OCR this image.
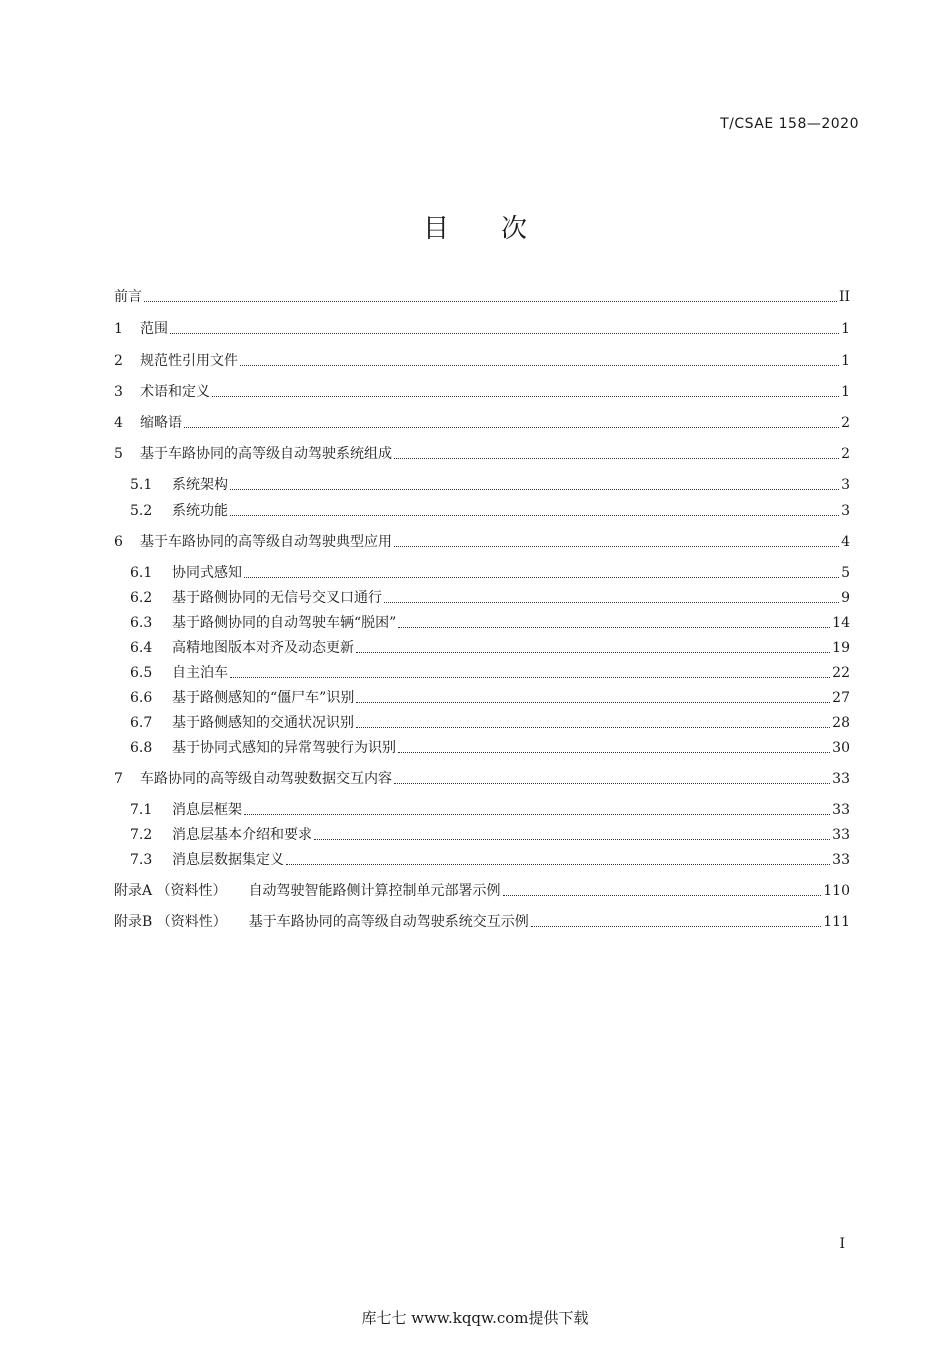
T/CSAE 158—2020
目　　次
前言	II
1	范围	1
2	规范性引用文件	1
3	术语和定义	1
4	缩略语	2
5	基于车路协同的高等级自动驾驶系统组成	2
5.1	系统架构	3
5.2	系统功能	3
6	基于车路协同的高等级自动驾驶典型应用	4
6.1	协同式感知	5
6.2	基于路侧协同的无信号交叉口通行	9
6.3	基于路侧协同的自动驾驶车辆“脱困”	14
6.4	高精地图版本对齐及动态更新	19
6.5	自主泊车	22
6.6	基于路侧感知的“僵尸车”识别	27
6.7	基于路侧感知的交通状况识别	28
6.8	基于协同式感知的异常驾驶行为识别	30
7	车路协同的高等级自动驾驶数据交互内容	33
7.1	消息层框架	33
7.2	消息层基本介绍和要求	33
7.3	消息层数据集定义	33
附录A （资料性） 自动驾驶智能路侧计算控制单元部署示例	110
附录B （资料性） 基于车路协同的高等级自动驾驶系统交互示例	111
I
库七七 www.kqqw.com提供下载
